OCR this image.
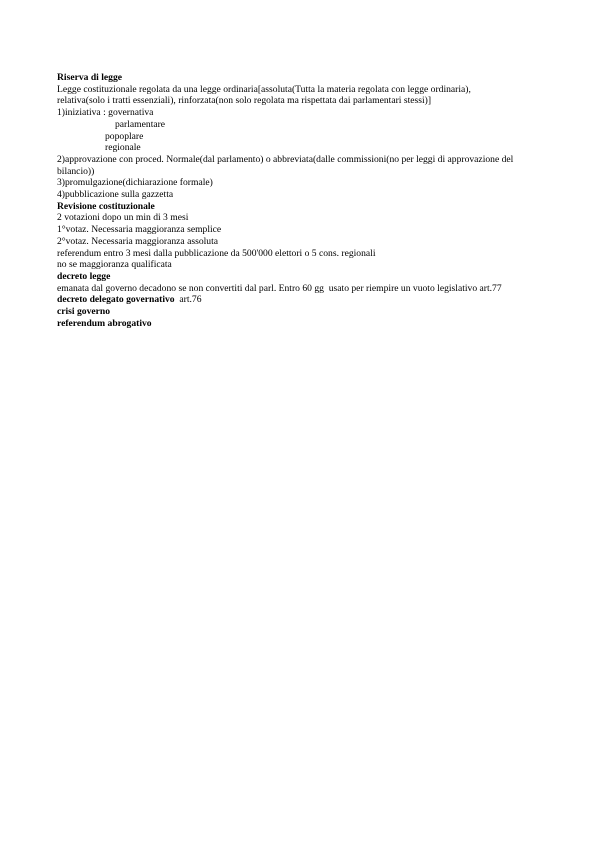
Riserva di legge
Legge costituzionale regolata da una legge ordinaria[assoluta(Tutta la materia regolata con legge ordinaria),
relativa(solo i tratti essenziali), rinforzata(non solo regolata ma rispettata dai parlamentari stessi)]
1)iniziativa : governativa
parlamentare
popoplare
regionale
2)approvazione con proced. Normale(dal parlamento) o abbreviata(dalle commissioni(no per leggi di approvazione del
bilancio))
3)promulgazione(dichiarazione formale)
4)pubblicazione sulla gazzetta
Revisione costituzionale
2 votazioni dopo un min di 3 mesi
1°votaz. Necessaria maggioranza semplice
2°votaz. Necessaria maggioranza assoluta
referendum entro 3 mesi dalla pubblicazione da 500'000 elettori o 5 cons. regionali
no se maggioranza qualificata
decreto legge
emanata dal governo decadono se non convertiti dal parl. Entro 60 gg  usato per riempire un vuoto legislativo art.77
decreto delegato governativo  art.76
crisi governo
referendum abrogativo
